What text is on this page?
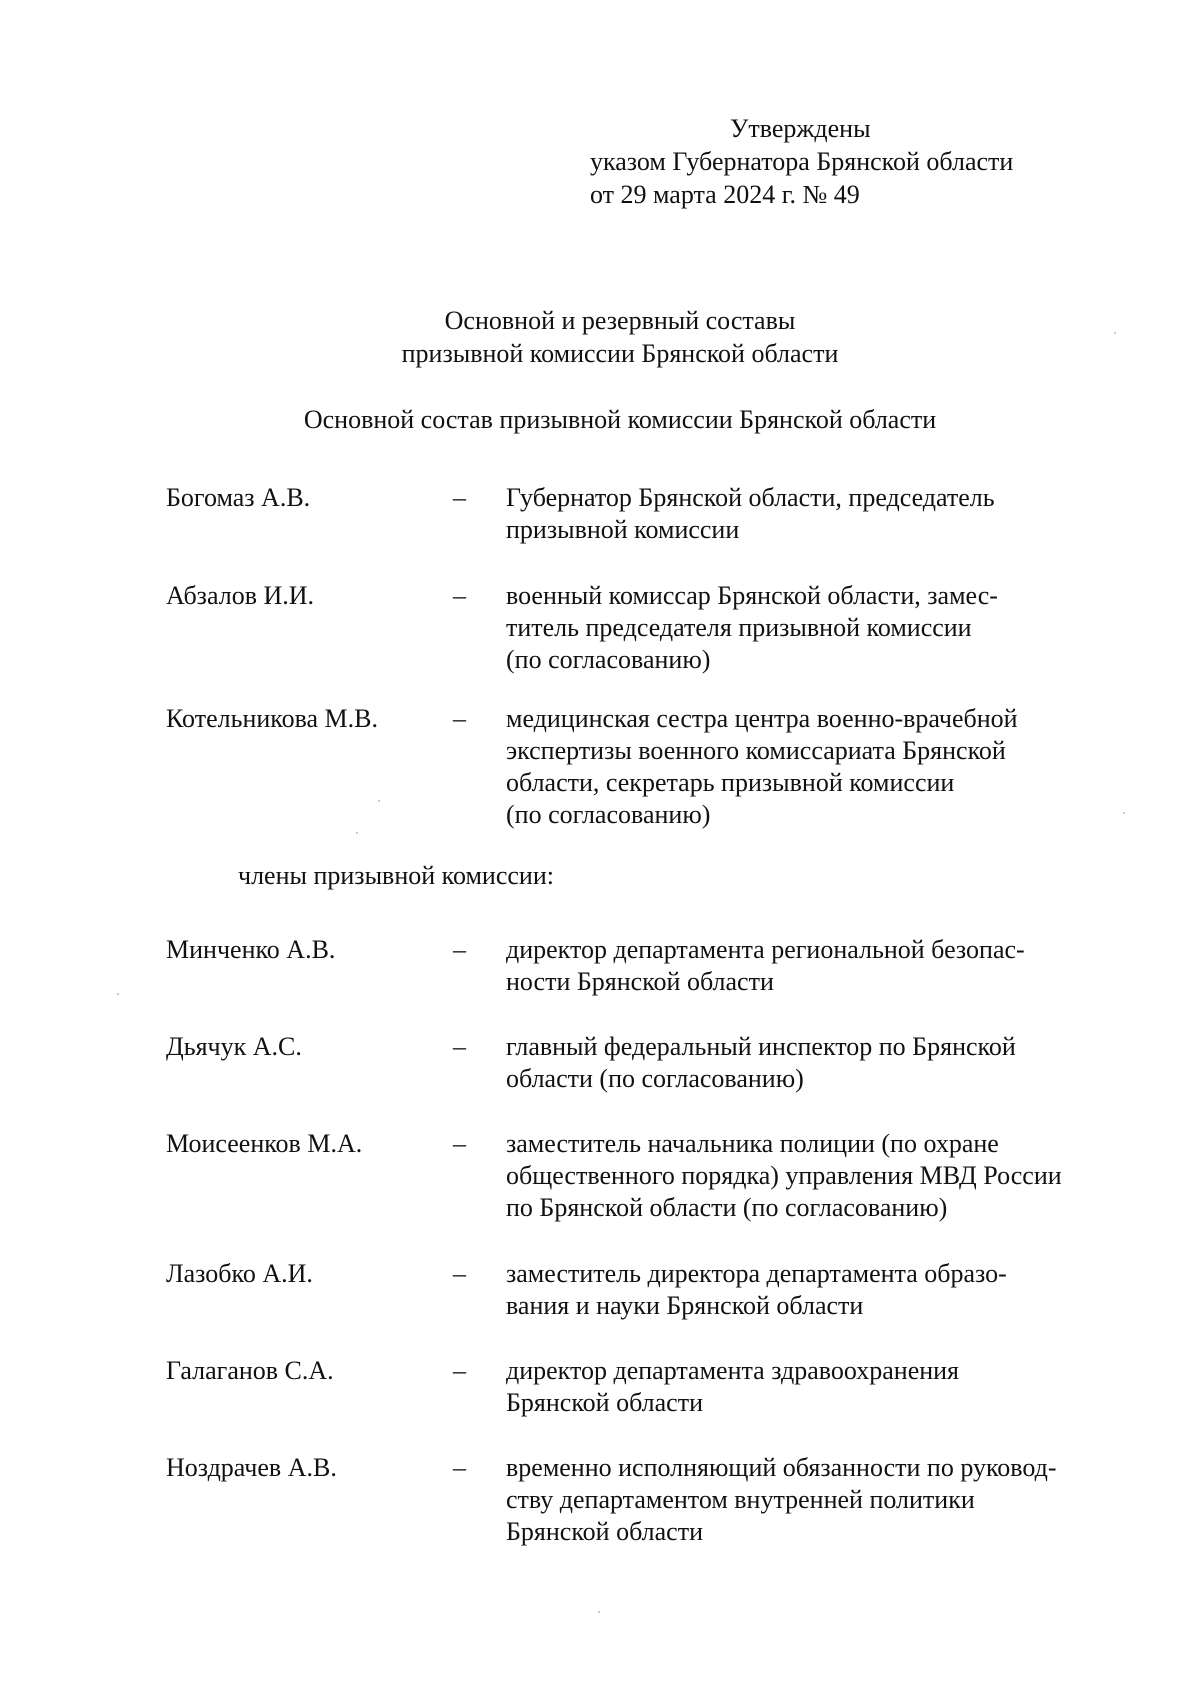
Утверждены
указом Губернатора Брянской области
от 29 марта 2024 г. № 49
Основной и резервный составы
призывной комиссии Брянской области
Основной состав призывной комиссии Брянской области
Богомаз А.В.	– Губернатор Брянской области, председатель
призывной комиссии
Абзалов И.И.	– военный комиссар Брянской области, замес-
титель председателя призывной комиссии
(по согласованию)
Котельникова М.В.	– медицинская сестра центра военно-врачебной
экспертизы военного комиссариата Брянской
области, секретарь призывной комиссии
(по согласованию)
члены призывной комиссии:
Минченко А.В.	– директор департамента региональной безопас-
ности Брянской области
Дьячук А.С.	– главный федеральный инспектор по Брянской
области (по согласованию)
Моисеенков М.А.	– заместитель начальника полиции (по охране
общественного порядка) управления МВД России
по Брянской области (по согласованию)
Лазобко А.И.	– заместитель директора департамента образо-
вания и науки Брянской области
Галаганов С.А.	– директор департамента здравоохранения
Брянской области
Ноздрачев А.В.	– временно исполняющий обязанности по руковод-
ству департаментом внутренней политики
Брянской области
